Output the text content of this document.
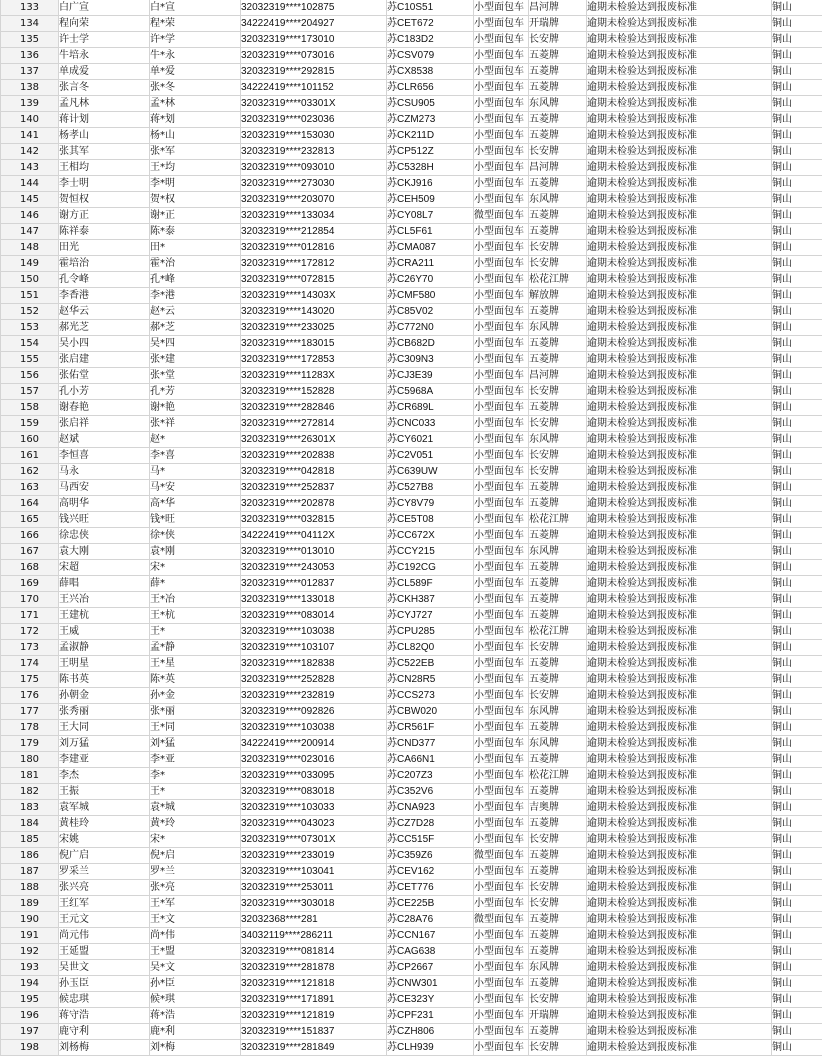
133	白广宣	白*宣	32032319****102875	苏C10S51	小型面包车	昌河牌	逾期未检验达到报废标准	铜山
134	程向荣	程*荣	34222419****204927	苏CET672	小型面包车	开瑞牌	逾期未检验达到报废标准	铜山
135	许士学	许*学	32032319****173010	苏C183D2	小型面包车	长安牌	逾期未检验达到报废标准	铜山
136	牛培永	牛*永	32032319****073016	苏CSV079	小型面包车	五菱牌	逾期未检验达到报废标准	铜山
137	单成爱	单*爱	32032319****292815	苏CX8538	小型面包车	五菱牌	逾期未检验达到报废标准	铜山
138	张言冬	张*冬	34222419****101152	苏CLR656	小型面包车	五菱牌	逾期未检验达到报废标准	铜山
139	孟凡林	孟*林	32032319****03301X	苏CSU905	小型面包车	东风牌	逾期未检验达到报废标准	铜山
140	蒋计划	蒋*划	32032319****023036	苏CZM273	小型面包车	五菱牌	逾期未检验达到报废标准	铜山
141	杨孝山	杨*山	32032319****153030	苏CK211D	小型面包车	五菱牌	逾期未检验达到报废标准	铜山
142	张其军	张*军	32032319****232813	苏CP512Z	小型面包车	长安牌	逾期未检验达到报废标准	铜山
143	王相均	王*均	32032319****093010	苏C5328H	小型面包车	昌河牌	逾期未检验达到报废标准	铜山
144	李士明	李*明	32032319****273030	苏CKJ916	小型面包车	五菱牌	逾期未检验达到报废标准	铜山
145	贺恒权	贺*权	32032319****203070	苏CEH509	小型面包车	东风牌	逾期未检验达到报废标准	铜山
146	谢方正	谢*正	32032319****133034	苏CY08L7	微型面包车	五菱牌	逾期未检验达到报废标准	铜山
147	陈祥泰	陈*泰	32032319****212854	苏CL5F61	小型面包车	五菱牌	逾期未检验达到报废标准	铜山
148	田光	田*	32032319****012816	苏CMA087	小型面包车	长安牌	逾期未检验达到报废标准	铜山
149	霍培治	霍*治	32032319****172812	苏CRA211	小型面包车	长安牌	逾期未检验达到报废标准	铜山
150	孔令峰	孔*峰	32032319****072815	苏C26Y70	小型面包车	松花江牌	逾期未检验达到报废标准	铜山
151	李香港	李*港	32032319****14303X	苏CMF580	小型面包车	解放牌	逾期未检验达到报废标准	铜山
152	赵华云	赵*云	32032319****143020	苏C85V02	小型面包车	五菱牌	逾期未检验达到报废标准	铜山
153	郝光芝	郝*芝	32032319****233025	苏C772N0	小型面包车	东风牌	逾期未检验达到报废标准	铜山
154	吴小四	吴*四	32032319****183015	苏CB682D	小型面包车	五菱牌	逾期未检验达到报废标准	铜山
155	张启建	张*建	32032319****172853	苏C309N3	小型面包车	五菱牌	逾期未检验达到报废标准	铜山
156	张佑堂	张*堂	32032319****11283X	苏CJ3E39	小型面包车	昌河牌	逾期未检验达到报废标准	铜山
157	孔小芳	孔*芳	32032319****152828	苏C5968A	小型面包车	长安牌	逾期未检验达到报废标准	铜山
158	谢春艳	谢*艳	32032319****282846	苏CR689L	小型面包车	五菱牌	逾期未检验达到报废标准	铜山
159	张启祥	张*祥	32032319****272814	苏CNC033	小型面包车	长安牌	逾期未检验达到报废标准	铜山
160	赵斌	赵*	32032319****26301X	苏CY6021	小型面包车	东风牌	逾期未检验达到报废标准	铜山
161	李恒喜	李*喜	32032319****202838	苏C2V051	小型面包车	长安牌	逾期未检验达到报废标准	铜山
162	马永	马*	32032319****042818	苏C639UW	小型面包车	长安牌	逾期未检验达到报废标准	铜山
163	马西安	马*安	32032319****252837	苏C527B8	小型面包车	五菱牌	逾期未检验达到报废标准	铜山
164	高明华	高*华	32032319****202878	苏CY8V79	小型面包车	五菱牌	逾期未检验达到报废标准	铜山
165	钱兴旺	钱*旺	32032319****032815	苏CE5T08	小型面包车	松花江牌	逾期未检验达到报废标准	铜山
166	徐忠侠	徐*侠	34222419****04112X	苏CC672X	小型面包车	五菱牌	逾期未检验达到报废标准	铜山
167	袁大刚	袁*刚	32032319****013010	苏CCY215	小型面包车	东风牌	逾期未检验达到报废标准	铜山
168	宋超	宋*	32032319****243053	苏C192CG	小型面包车	五菱牌	逾期未检验达到报废标准	铜山
169	薛唱	薛*	32032319****012837	苏CL589F	小型面包车	五菱牌	逾期未检验达到报废标准	铜山
170	王兴冶	王*冶	32032319****133018	苏CKH387	小型面包车	五菱牌	逾期未检验达到报废标准	铜山
171	王建杭	王*杭	32032319****083014	苏CYJ727	小型面包车	五菱牌	逾期未检验达到报废标准	铜山
172	王威	王*	32032319****103038	苏CPU285	小型面包车	松花江牌	逾期未检验达到报废标准	铜山
173	孟淑静	孟*静	32032319****103107	苏CL82Q0	小型面包车	长安牌	逾期未检验达到报废标准	铜山
174	王明星	王*星	32032319****182838	苏C522EB	小型面包车	五菱牌	逾期未检验达到报废标准	铜山
175	陈书英	陈*英	32032319****252828	苏CN28R5	小型面包车	五菱牌	逾期未检验达到报废标准	铜山
176	孙朝金	孙*金	32032319****232819	苏CCS273	小型面包车	长安牌	逾期未检验达到报废标准	铜山
177	张秀丽	张*丽	32032319****092826	苏CBW020	小型面包车	东风牌	逾期未检验达到报废标准	铜山
178	王大同	王*同	32032319****103038	苏CR561F	小型面包车	五菱牌	逾期未检验达到报废标准	铜山
179	刘万猛	刘*猛	34222419****200914	苏CND377	小型面包车	东风牌	逾期未检验达到报废标准	铜山
180	李建亚	李*亚	32032319****023016	苏CA66N1	小型面包车	五菱牌	逾期未检验达到报废标准	铜山
181	李杰	李*	32032319****033095	苏C207Z3	小型面包车	松花江牌	逾期未检验达到报废标准	铜山
182	王振	王*	32032319****083018	苏C352V6	小型面包车	五菱牌	逾期未检验达到报废标准	铜山
183	袁军城	袁*城	32032319****103033	苏CNA923	小型面包车	吉奥牌	逾期未检验达到报废标准	铜山
184	黄桂玲	黄*玲	32032319****043023	苏CZ7D28	小型面包车	五菱牌	逾期未检验达到报废标准	铜山
185	宋姚	宋*	32032319****07301X	苏CC515F	小型面包车	长安牌	逾期未检验达到报废标准	铜山
186	倪广启	倪*启	32032319****233019	苏C359Z6	微型面包车	五菱牌	逾期未检验达到报废标准	铜山
187	罗采兰	罗*兰	32032319****103041	苏CEV162	小型面包车	五菱牌	逾期未检验达到报废标准	铜山
188	张兴亮	张*亮	32032319****253011	苏CET776	小型面包车	长安牌	逾期未检验达到报废标准	铜山
189	王红军	王*军	32032319****303018	苏CE225B	小型面包车	长安牌	逾期未检验达到报废标准	铜山
190	王元文	王*文	32032368****281	苏C28A76	微型面包车	五菱牌	逾期未检验达到报废标准	铜山
191	尚元伟	尚*伟	34032119****286211	苏CCN167	小型面包车	五菱牌	逾期未检验达到报废标准	铜山
192	王延盟	王*盟	32032319****081814	苏CAG638	小型面包车	五菱牌	逾期未检验达到报废标准	铜山
193	吴世文	吴*文	32032319****281878	苏CP2667	小型面包车	东风牌	逾期未检验达到报废标准	铜山
194	孙玉臣	孙*臣	32032319****121818	苏CNW301	小型面包车	五菱牌	逾期未检验达到报废标准	铜山
195	候忠琪	候*琪	32032319****171891	苏CE323Y	小型面包车	长安牌	逾期未检验达到报废标准	铜山
196	蒋守浩	蒋*浩	32032319****121819	苏CPF231	小型面包车	开瑞牌	逾期未检验达到报废标准	铜山
197	鹿守利	鹿*利	32032319****151837	苏CZH806	小型面包车	五菱牌	逾期未检验达到报废标准	铜山
198	刘杨梅	刘*梅	32032319****281849	苏CLH939	小型面包车	长安牌	逾期未检验达到报废标准	铜山
